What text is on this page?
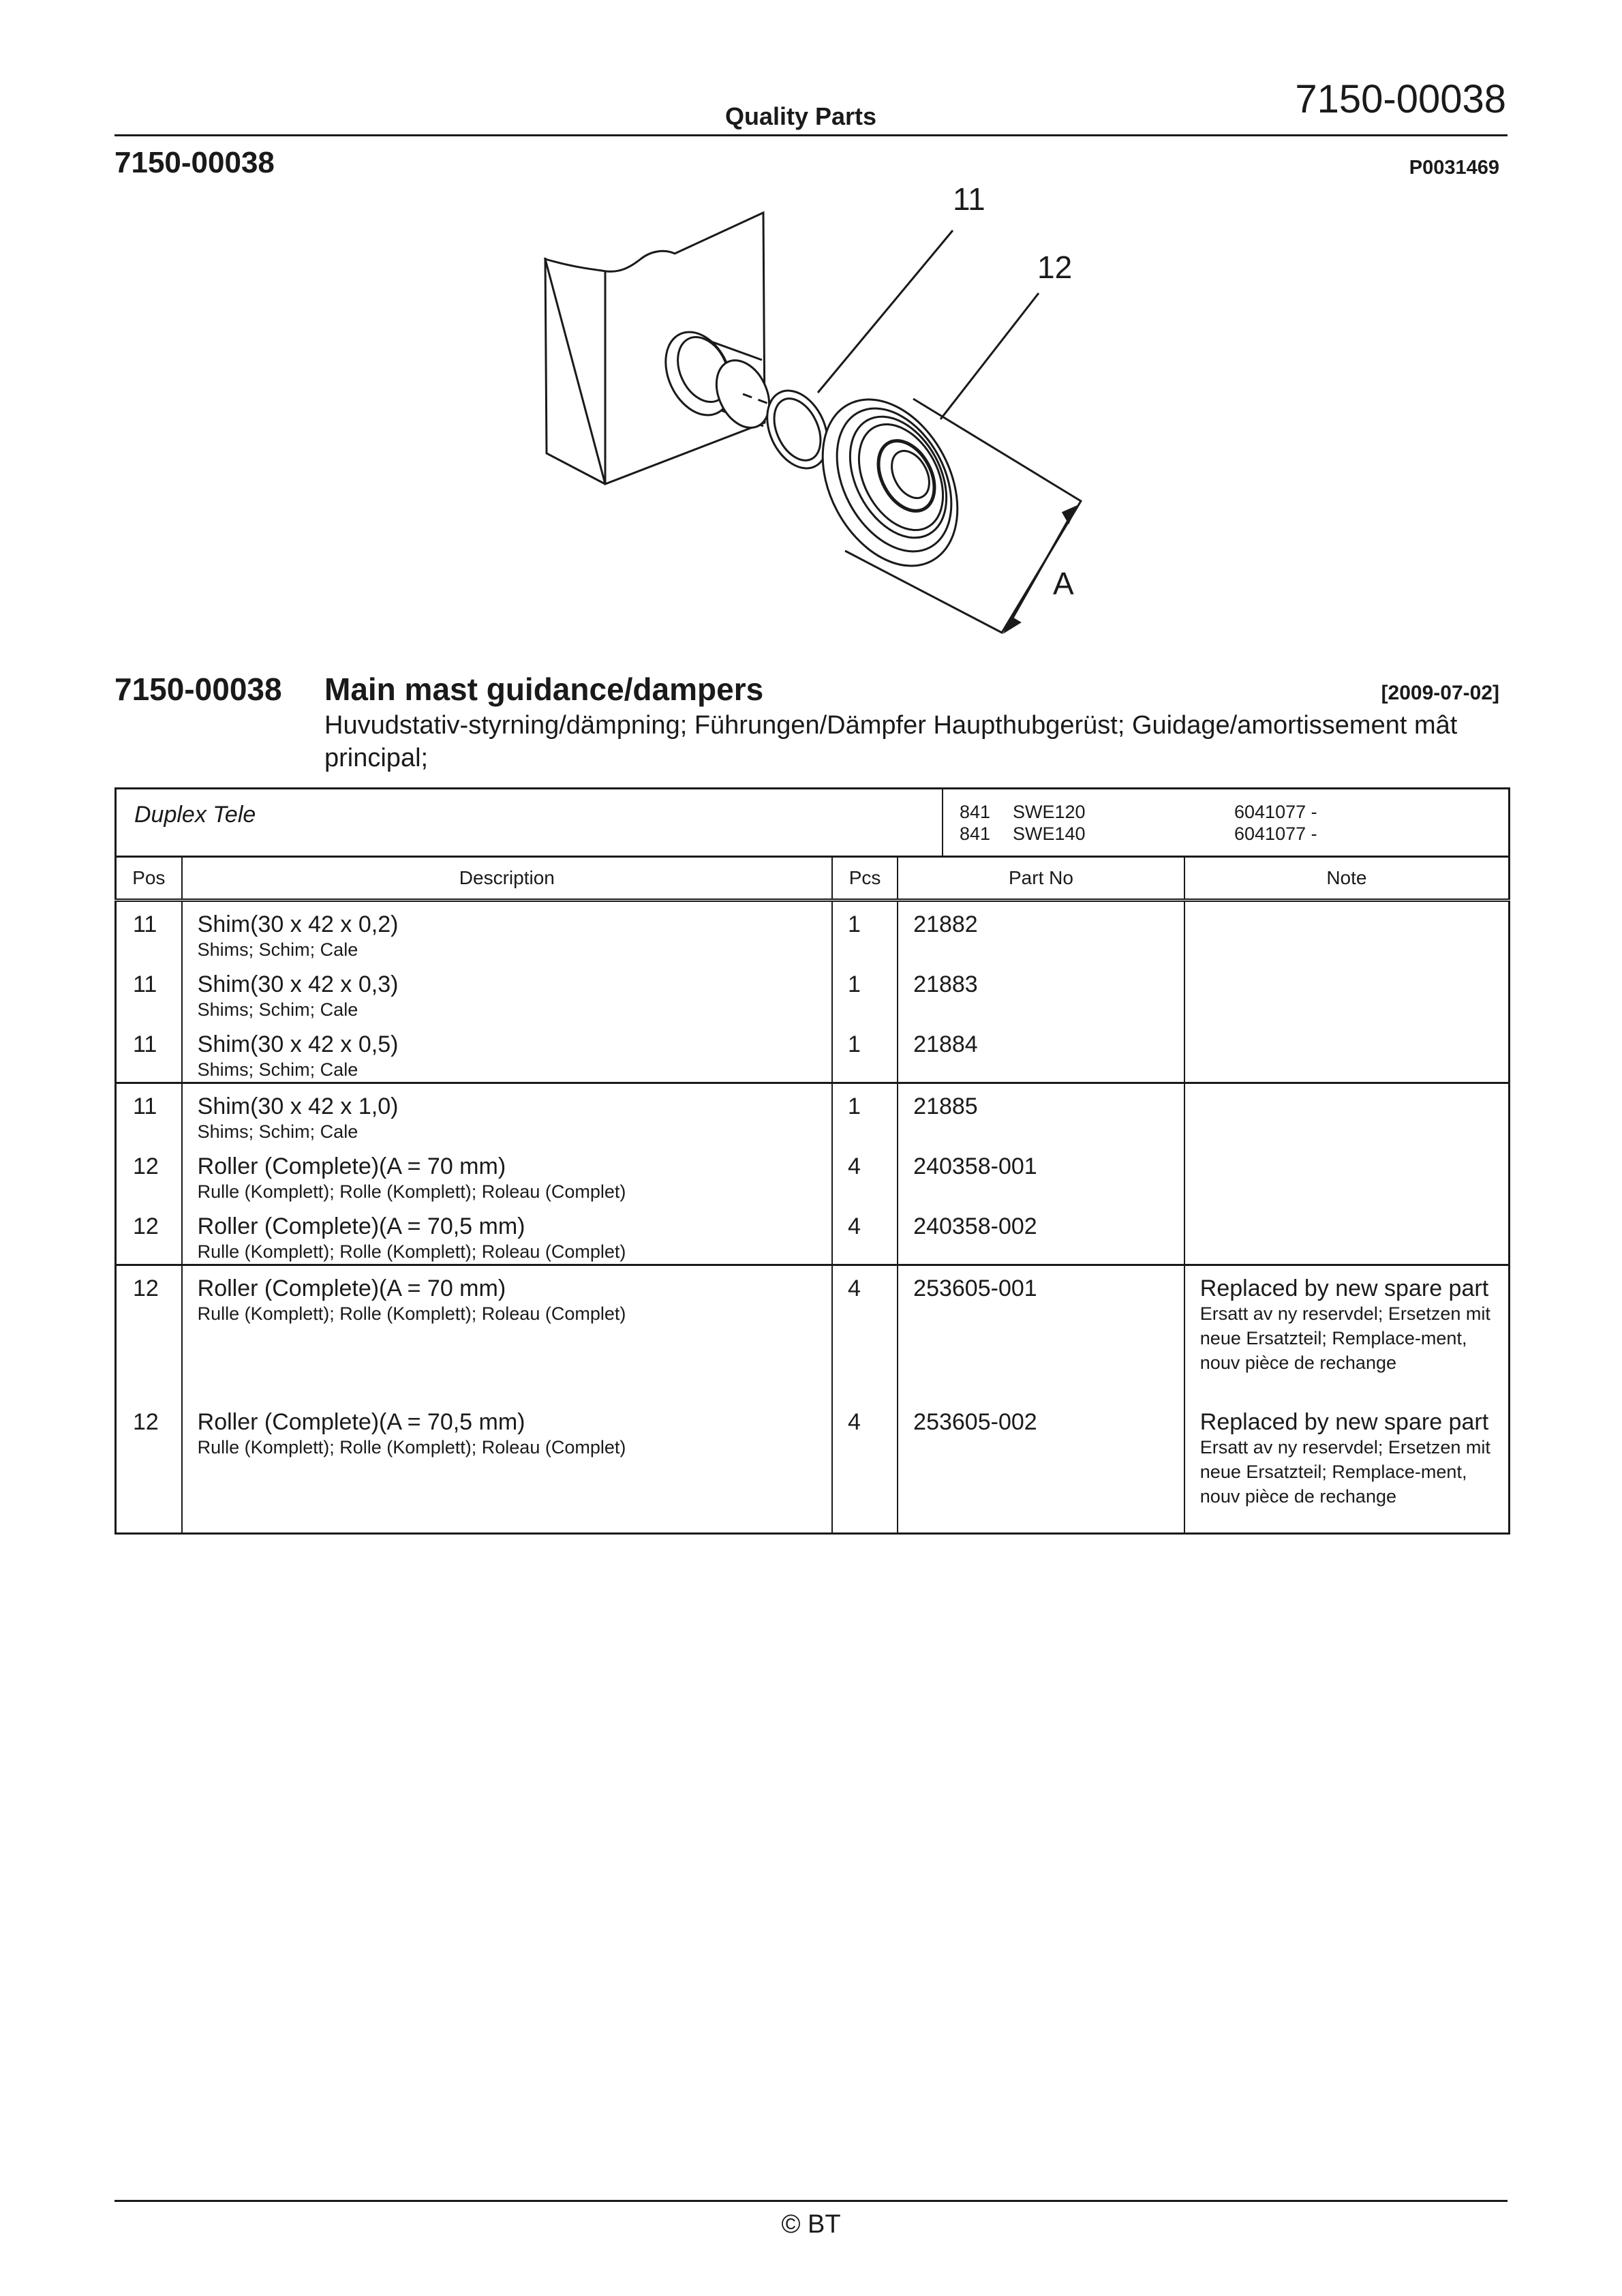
Quality Parts	7150-00038
7150-00038	P0031469
11
12
A
7150-00038 Main mast guidance/dampers	[2009-07-02]
Huvudstativ-styrning/dämpning; Führungen/Dämpfer Haupthubgerüst; Guidage/amortissement mât principal;
Duplex Tele	841 SWE120	6041077 -
841 SWE140	6041077 -
Pos	Description	Pcs	Part No	Note

11	Shim(30 x 42 x 0,2)
Shims; Schim; Cale	1	21882	

11	Shim(30 x 42 x 0,3)
Shims; Schim; Cale	1	21883	

11	Shim(30 x 42 x 0,5)
Shims; Schim; Cale	1	21884	

11	Shim(30 x 42 x 1,0)
Shims; Schim; Cale	1	21885	

12	Roller (Complete)(A = 70 mm)
Rulle (Komplett); Rolle (Komplett); Roleau (Complet)	4	240358-001	

12	Roller (Complete)(A = 70,5 mm)
Rulle (Komplett); Rolle (Komplett); Roleau (Complet)	4	240358-002	

12	Roller (Complete)(A = 70 mm)
Rulle (Komplett); Rolle (Komplett); Roleau (Complet)	4	253605-001	Replaced by new spare part
Ersatt av ny reservdel; Ersetzen mit neue Ersatzteil; Remplace-ment, nouv pièce de rechange

12	Roller (Complete)(A = 70,5 mm)
Rulle (Komplett); Rolle (Komplett); Roleau (Complet)	4	253605-002	Replaced by new spare part
Ersatt av ny reservdel; Ersetzen mit neue Ersatzteil; Remplace-ment, nouv pièce de rechange
© BT
